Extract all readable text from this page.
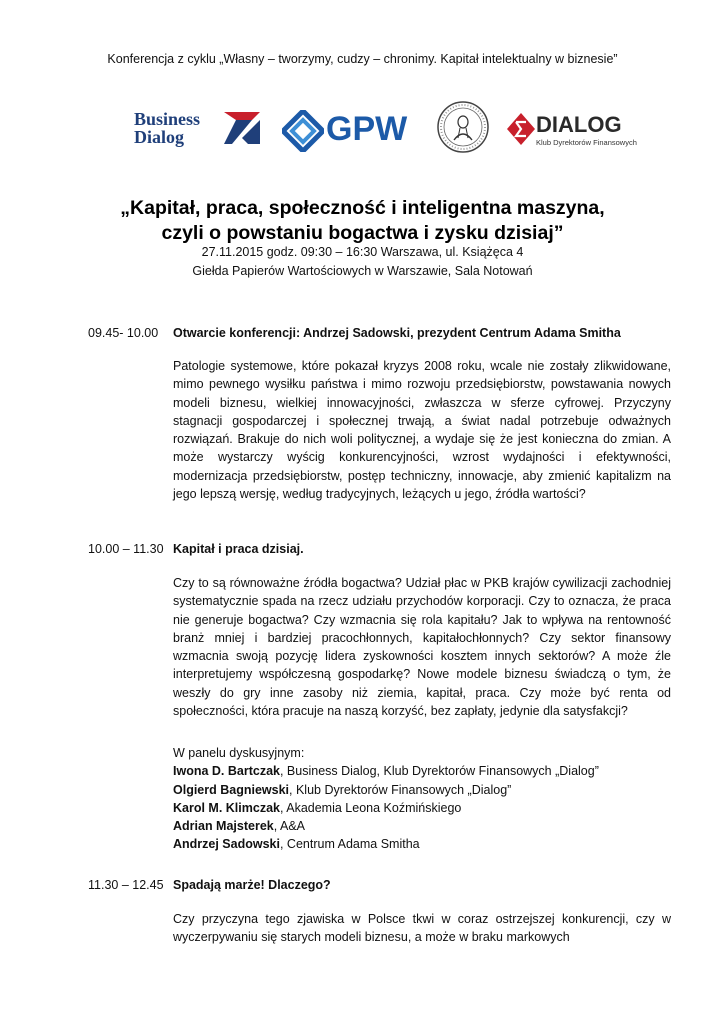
Konferencja z cyklu „Własny – tworzymy, cudzy – chronimy. Kapitał intelektualny w biznesie”
Business
Dialog	GPW	DIALOG
Klub Dyrektorów Finansowych
„Kapitał, praca, społeczność i inteligentna maszyna,
czyli o powstaniu bogactwa i zysku dzisiaj”
27.11.2015 godz. 09:30 – 16:30 Warszawa, ul. Książęca 4
Giełda Papierów Wartościowych w Warszawie, Sala Notowań
09.45- 10.00 Otwarcie konferencji: Andrzej Sadowski, prezydent Centrum Adama Smitha
Patologie systemowe, które pokazał kryzys 2008 roku, wcale nie zostały zlikwidowane, mimo pewnego wysiłku państwa i mimo rozwoju przedsiębiorstw, powstawania nowych modeli biznesu, wielkiej innowacyjności, zwłaszcza w sferze cyfrowej. Przyczyny stagnacji gospodarczej i społecznej trwają, a świat nadal potrzebuje odważnych rozwiązań. Brakuje do nich woli politycznej, a wydaje się że jest konieczna do zmian. A może wystarczy wyścig konkurencyjności, wzrost wydajności i efektywności, modernizacja przedsiębiorstw, postęp techniczny, innowacje, aby zmienić kapitalizm na jego lepszą wersję, według tradycyjnych, leżących u jego, źródła wartości?
10.00 – 11.30 Kapitał i praca dzisiaj.
Czy to są równoważne źródła bogactwa? Udział płac w PKB krajów cywilizacji zachodniej systematycznie spada na rzecz udziału przychodów korporacji. Czy to oznacza, że praca nie generuje bogactwa? Czy wzmacnia się rola kapitału? Jak to wpływa na rentowność branż mniej i bardziej pracochłonnych, kapitałochłonnych? Czy sektor finansowy wzmacnia swoją pozycję lidera zyskowności kosztem innych sektorów? A może źle interpretujemy współczesną gospodarkę? Nowe modele biznesu świadczą o tym, że weszły do gry inne zasoby niż ziemia, kapitał, praca. Czy może być renta od społeczności, która pracuje na naszą korzyść, bez zapłaty, jedynie dla satysfakcji?
W panelu dyskusyjnym:
Iwona D. Bartczak, Business Dialog, Klub Dyrektorów Finansowych „Dialog”
Olgierd Bagniewski, Klub Dyrektorów Finansowych „Dialog”
Karol M. Klimczak, Akademia Leona Koźmińskiego
Adrian Majsterek, A&A
Andrzej Sadowski, Centrum Adama Smitha
11.30 – 12.45 Spadają marże! Dlaczego?
Czy przyczyna tego zjawiska w Polsce tkwi w coraz ostrzejszej konkurencji, czy w wyczerpywaniu się starych modeli biznesu, a może w braku markowych
